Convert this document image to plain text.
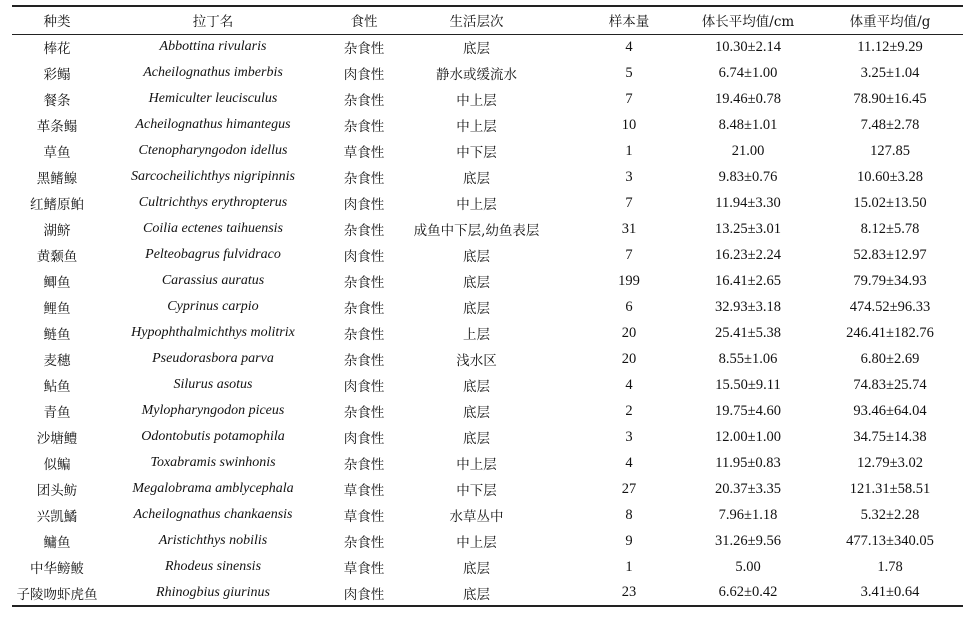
种类	拉丁名	食性	生活层次	样本量	体长平均值/cm	体重平均值/g
棒花	Abbottina rivularis	杂食性	底层	4	10.30±2.14	11.12±9.29
彩鳎	Acheilognathus imberbis	肉食性	静水或缓流水	5	6.74±1.00	3.25±1.04
餐条	Hemiculter leucisculus	杂食性	中上层	7	19.46±0.78	78.90±16.45
革条鳎	Acheilognathus himantegus	杂食性	中上层	10	8.48±1.01	7.48±2.78
草鱼	Ctenopharyngodon idellus	草食性	中下层	1	21.00	127.85
黑鳍鳈	Sarcocheilichthys nigripinnis	杂食性	底层	3	9.83±0.76	10.60±3.28
红鳍原鲌	Cultrichthys erythropterus	肉食性	中上层	7	11.94±3.30	15.02±13.50
湖鲚	Coilia ectenes taihuensis	杂食性	成鱼中下层,幼鱼表层	31	13.25±3.01	8.12±5.78
黄颡鱼	Pelteobagrus fulvidraco	肉食性	底层	7	16.23±2.24	52.83±12.97
鲫鱼	Carassius auratus	杂食性	底层	199	16.41±2.65	79.79±34.93
鲤鱼	Cyprinus carpio	杂食性	底层	6	32.93±3.18	474.52±96.33
鲢鱼	Hypophthalmichthys molitrix	杂食性	上层	20	25.41±5.38	246.41±182.76
麦穗	Pseudorasbora parva	杂食性	浅水区	20	8.55±1.06	6.80±2.69
鲇鱼	Silurus asotus	肉食性	底层	4	15.50±9.11	74.83±25.74
青鱼	Mylopharyngodon piceus	杂食性	底层	2	19.75±4.60	93.46±64.04
沙塘鳢	Odontobutis potamophila	肉食性	底层	3	12.00±1.00	34.75±14.38
似鳊	Toxabramis swinhonis	杂食性	中上层	4	11.95±0.83	12.79±3.02
团头鲂	Megalobrama amblycephala	草食性	中下层	27	20.37±3.35	121.31±58.51
兴凯鱊	Acheilognathus chankaensis	草食性	水草丛中	8	7.96±1.18	5.32±2.28
鳙鱼	Aristichthys nobilis	杂食性	中上层	9	31.26±9.56	477.13±340.05
中华鳑鲏	Rhodeus sinensis	草食性	底层	1	5.00	1.78
子陵吻虾虎鱼	Rhinogbius giurinus	肉食性	底层	23	6.62±0.42	3.41±0.64
